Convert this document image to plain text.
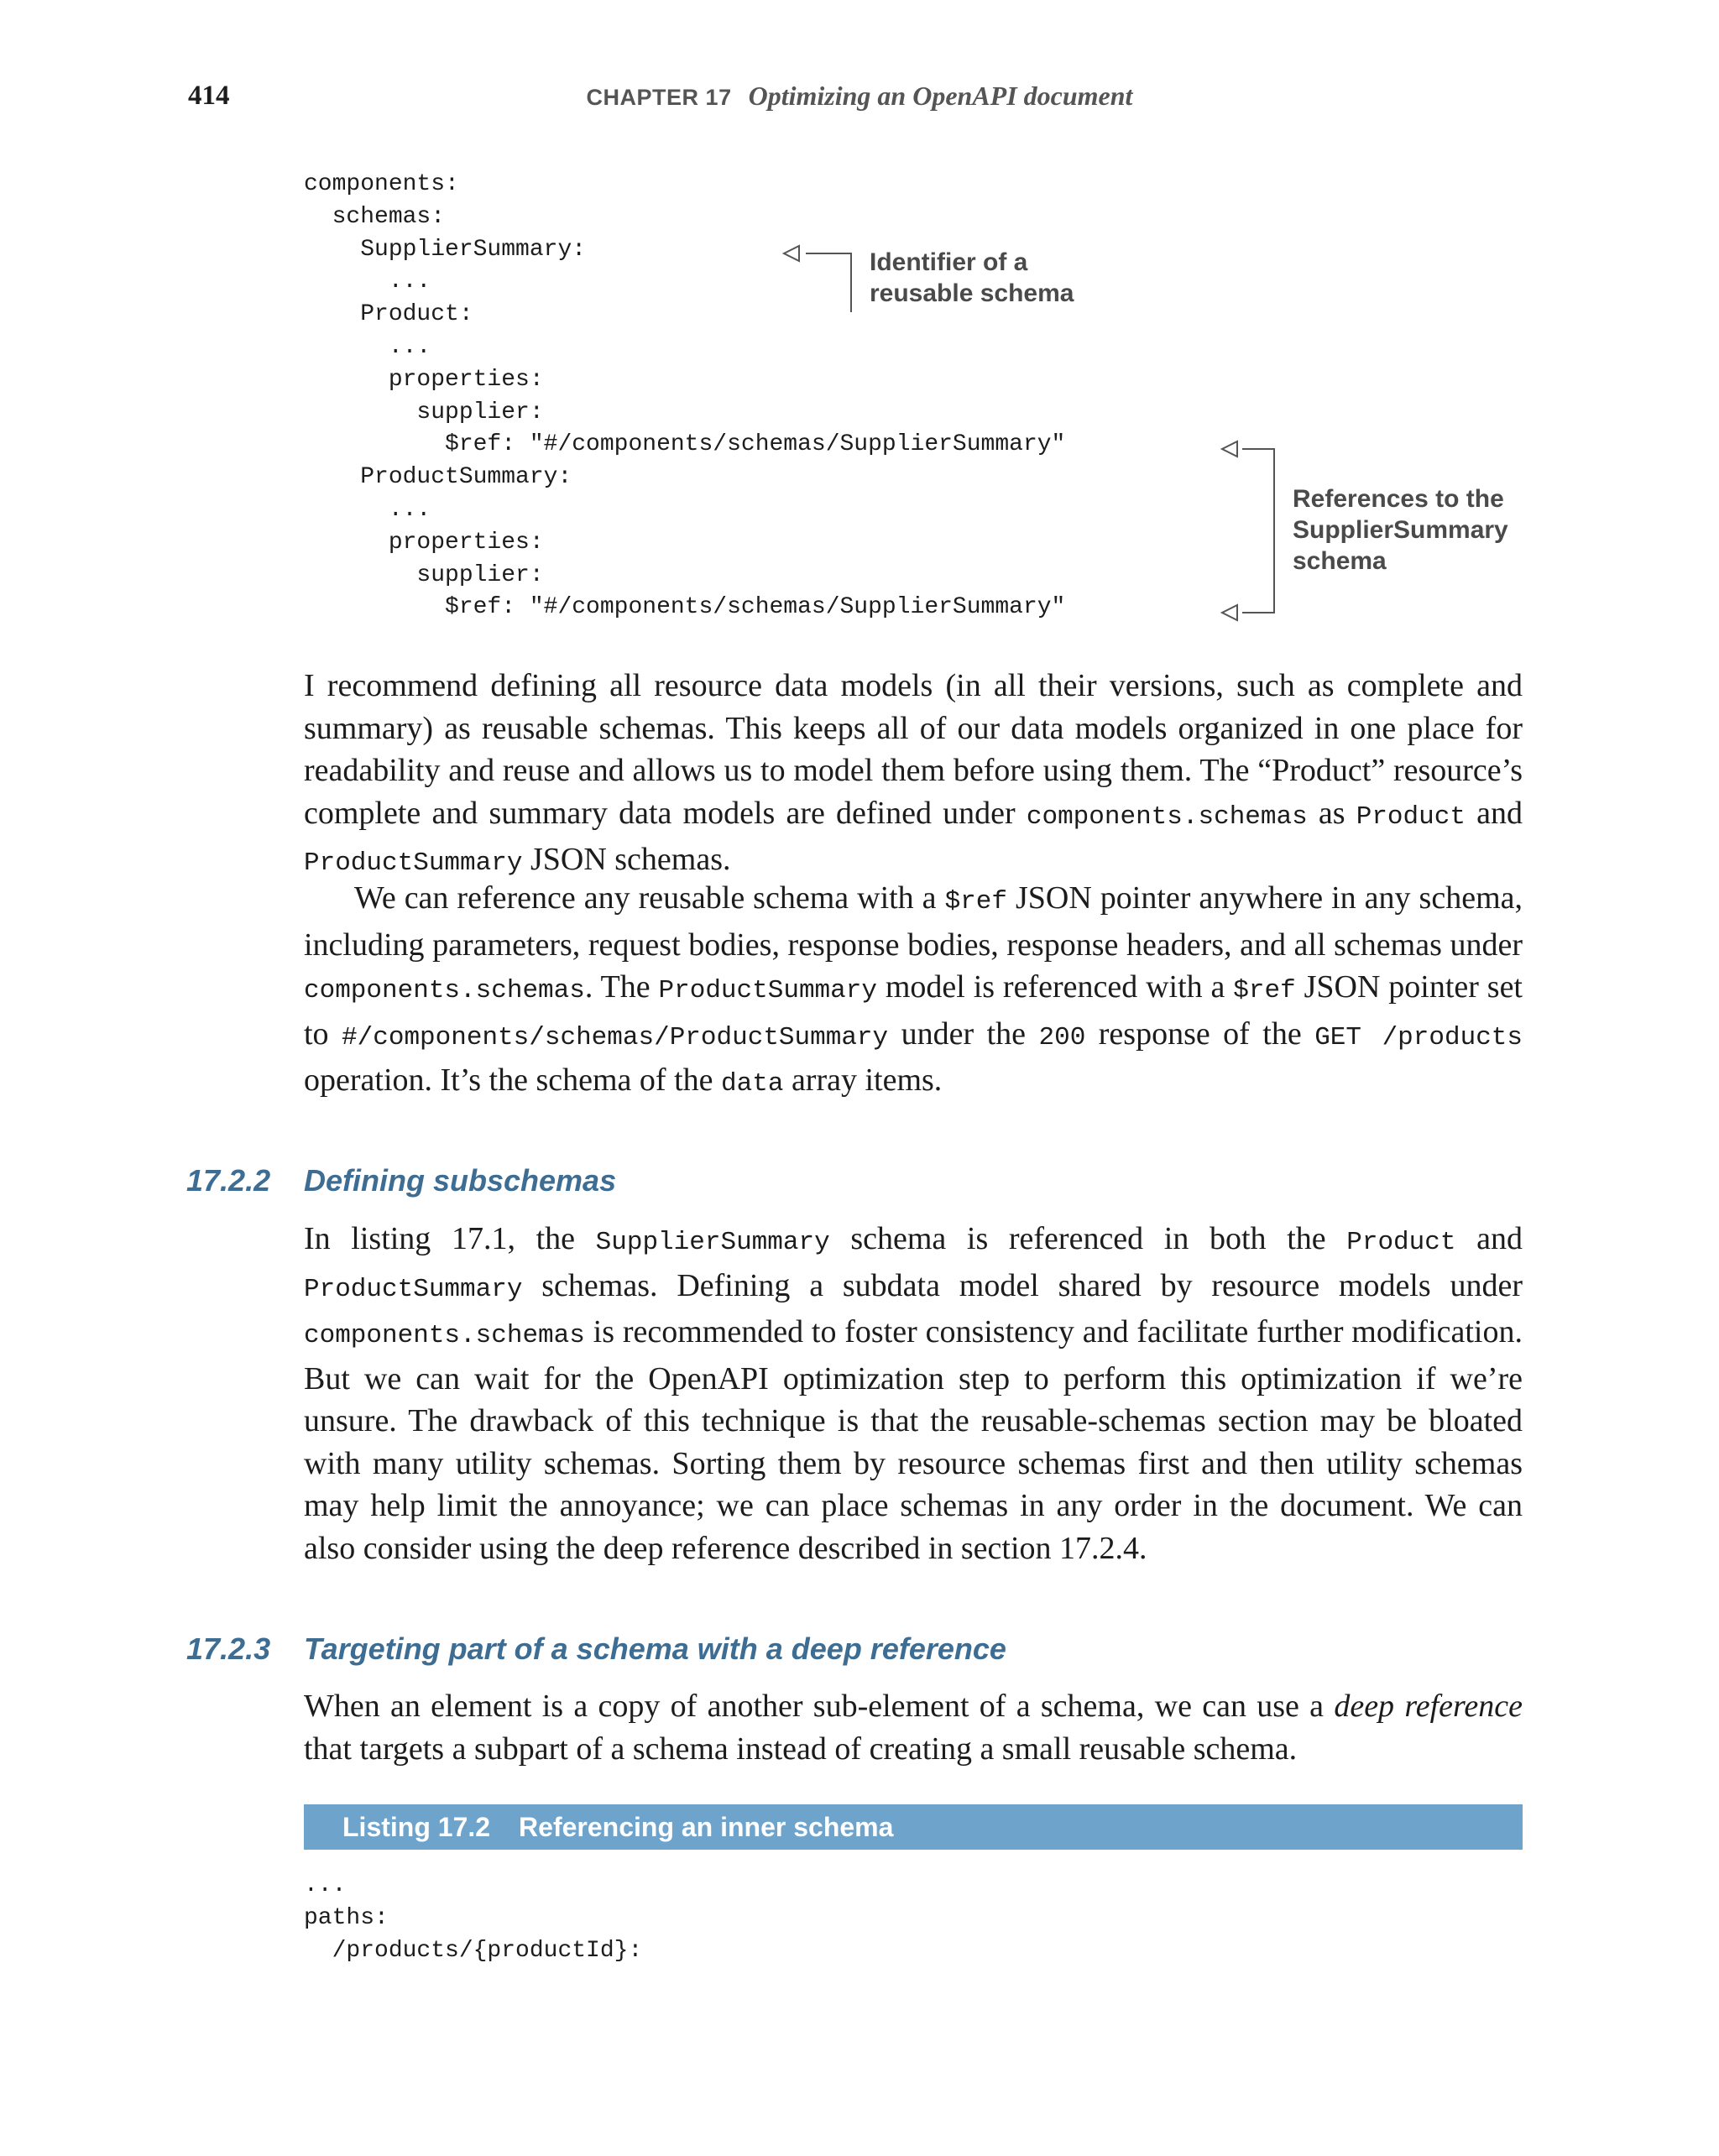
414	CHAPTER 17 Optimizing an OpenAPI document
components:
schemas:
SupplierSummary:
...
Product:
...
properties:
supplier:
$ref: "#/components/schemas/SupplierSummary"
ProductSummary:
...
properties:
supplier:
$ref: "#/components/schemas/SupplierSummary"
Identifier of a
reusable schema
References to the
SupplierSummary
schema

I recommend defining all resource data models (in all their versions, such as complete and summary) as reusable schemas. This keeps all of our data models organized in one place for readability and reuse and allows us to model them before using them. The “Product” resource’s complete and summary data models are defined under components.schemas as Product and ProductSummary JSON schemas.

We can reference any reusable schema with a $ref JSON pointer anywhere in any schema, including parameters, request bodies, response bodies, response headers, and all schemas under components.schemas. The ProductSummary model is referenced with a $ref JSON pointer set to #/components/schemas/ProductSummary under the 200 response of the GET /products operation. It’s the schema of the data array items.

17.2.2 Defining subschemas

In listing 17.1, the SupplierSummary schema is referenced in both the Product and ProductSummary schemas. Defining a subdata model shared by resource models under components.schemas is recommended to foster consistency and facilitate further modification. But we can wait for the OpenAPI optimization step to perform this optimization if we’re unsure. The drawback of this technique is that the reusable-schemas section may be bloated with many utility schemas. Sorting them by resource schemas first and then utility schemas may help limit the annoyance; we can place schemas in any order in the document. We can also consider using the deep reference described in section 17.2.4.

17.2.3 Targeting part of a schema with a deep reference

When an element is a copy of another sub-element of a schema, we can use a deep reference that targets a subpart of a schema instead of creating a small reusable schema.

Listing 17.2 Referencing an inner schema
...
paths:
/products/{productId}:
